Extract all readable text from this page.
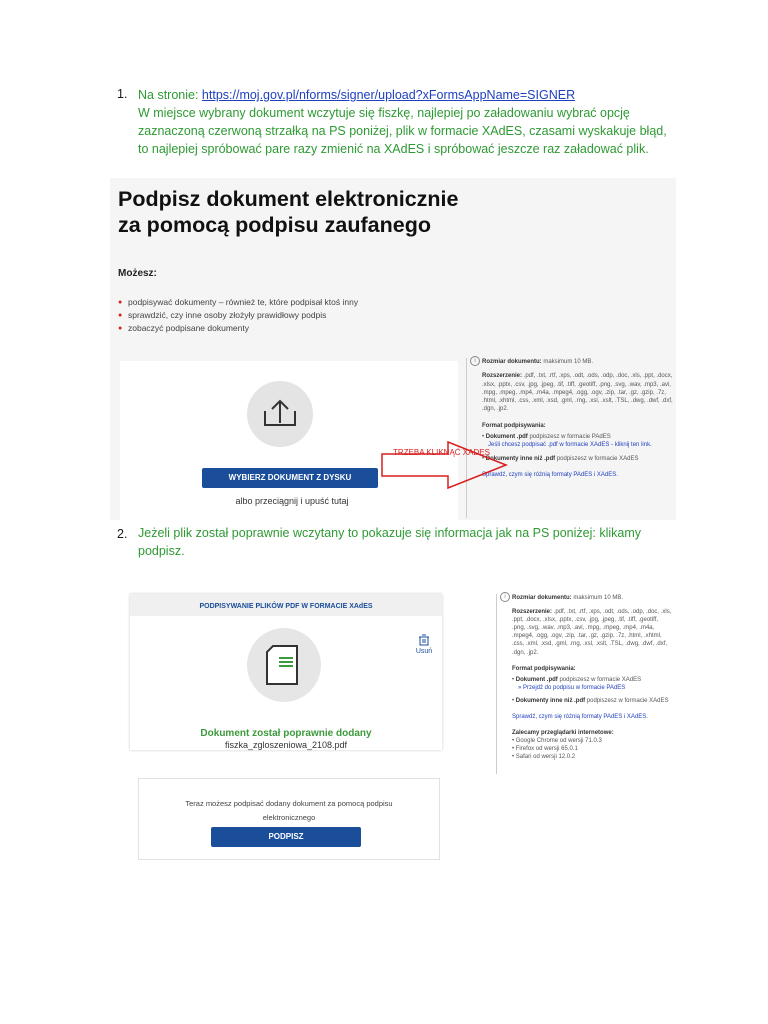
1. Na stronie: https://moj.gov.pl/nforms/signer/upload?xFormsAppName=SIGNER
W miejsce wybrany dokument wczytuje się fiszkę, najlepiej po załadowaniu wybrać opcję
zaznaczoną czerwoną strzałką na PS poniżej, plik w formacie XAdES, czasami wyskakuje błąd,
to najlepiej spróbować pare razy zmienić na XAdES i spróbować jeszcze raz załadować plik.
Podpisz dokument elektronicznie
za pomocą podpisu zaufanego
Możesz:
● podpisywać dokumenty – również te, które podpisał ktoś inny
● sprawdzić, czy inne osoby złożyły prawidłowy podpis
● zobaczyć podpisane dokumenty
WYBIERZ DOKUMENT Z DYSKU
albo przeciągnij i upuść tutaj
i	Rozmiar dokumentu: maksimum 10 MB.
Rozszerzenie: .pdf, .txt, .rtf, .xps, .odt, .ods, .odp, .doc, .xls, .ppt, .docx, .xlsx, .pptx, .csv, .jpg, .jpeg, .tif, .tiff, .geotiff, .png, .svg, .wav, .mp3, .avi, .mpg, .mpeg, .mp4, .m4a, .mpeg4, .ogg, .ogv, .zip, .tar, .gz, .gzip, .7z, .html, .xhtml, .css, .xml, .xsd, .gml, .rng, .xsl, .xslt, .TSL, .dwg, .dwf, .dxf, .dgn, .jp2.
Format podpisywania:
• Dokument .pdf podpiszesz w formacie PAdES
Jeśli chcesz podpisać .pdf w formacie XAdES - kliknij ten link.
• Dokumenty inne niż .pdf podpiszesz w formacie XAdES
Sprawdź, czym się różnią formaty PAdES i XAdES.
TRZEBA KLIKNĄĆ XADES
2. Jeżeli plik został poprawnie wczytany to pokazuje się informacja jak na PS poniżej: klikamy
podpisz.
PODPISYWANIE PLIKÓW PDF W FORMACIE XAdES
Usuń
Dokument został poprawnie dodany
fiszka_zgloszeniowa_2108.pdf
Teraz możesz podpisać dodany dokument za pomocą podpisu
elektronicznego
PODPISZ
i	Rozmiar dokumentu: maksimum 10 MB.
Rozszerzenie: .pdf, .txt, .rtf, .xps, .odt, .ods, .odp, .doc, .xls, .ppt, .docx, .xlsx, .pptx, .csv, .jpg, .jpeg, .tif, .tiff, .geotiff, .png, .svg, .wav, .mp3, .avi, .mpg, .mpeg, .mp4, .m4a, .mpeg4, .ogg, .ogv, .zip, .tar, .gz, .gzip, .7z, .html, .xhtml, .css, .xml, .xsd, .gml, .rng, .xsl, .xslt, .TSL, .dwg, .dwf, .dxf, .dgn, .jp2.
Format podpisywania:
• Dokument .pdf podpiszesz w formacie XAdES
» Przejdź do podpisu w formacie PAdES
• Dokumenty inne niż .pdf podpiszesz w formacie XAdES
Sprawdź, czym się różnią formaty PAdES i XAdES.
Zalecamy przeglądarki internetowe:
• Google Chrome od wersji 71.0.3
• Firefox od wersji 65.0.1
• Safari od wersji 12.0.2
